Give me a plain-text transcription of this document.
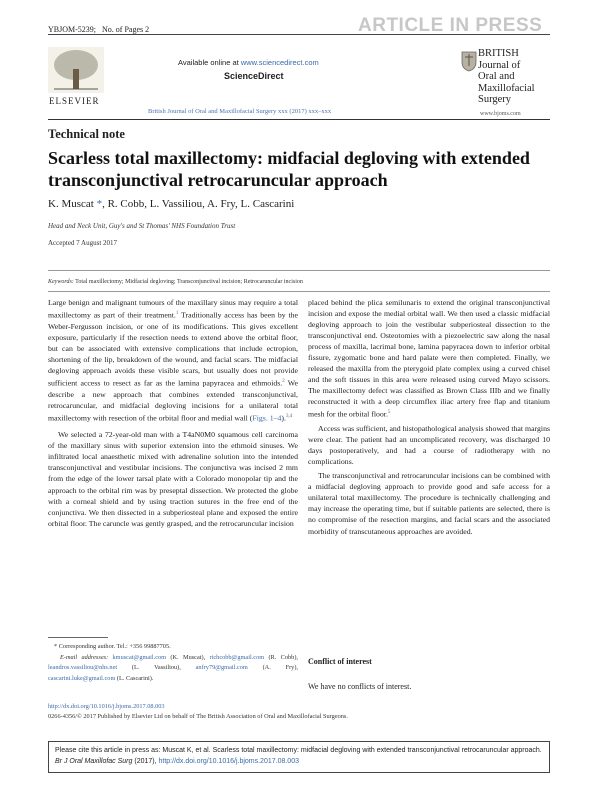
YBJOM-5239; No. of Pages 2	ARTICLE IN PRESS
ELSEVIER
Available online at www.sciencedirect.com
ScienceDirect
British Journal of Oral and Maxillofacial Surgery xxx (2017) xxx–xxx
BRITISH
Journal of
Oral and
Maxillofacial
Surgery
www.bjoms.com
Technical note
Scarless total maxillectomy: midfacial degloving with extended transconjunctival retrocaruncular approach
K. Muscat *, R. Cobb, L. Vassiliou, A. Fry, L. Cascarini
Head and Neck Unit, Guy's and St Thomas' NHS Foundation Trust
Accepted 7 August 2017
Keywords: Total maxillectomy; Midfacial degloving; Transconjunctival incision; Retrocaruncular incision

Large benign and malignant tumours of the maxillary sinus may require a total maxillectomy as part of their treatment.$^1$ Traditionally access has been by the Weber-Fergusson incision, or one of its modifications. This gives excellent exposure, particularly if the resection needs to extend above the orbital floor, but can be associated with extensive complications that include ectropion, shortening of the lip, breakdown of the wound, and facial scars. The midfacial degloving approach avoids these visible scars, but usually does not provide sufficient access to resect as far as the lamina papyracea and ethmoids.$^2$ We describe a new approach that combines extended transconjunctival, retrocaruncular, and midfacial degloving incisions for a unilateral total maxillectomy with resection of the orbital floor and medial wall (Figs. 1–4).$^{3,4}$

We selected a 72-year-old man with a T4aN0M0 squamous cell carcinoma of the maxillary sinus with superior extension into the ethmoid sinuses. We infiltrated local anaesthetic mixed with adrenaline solution into the intended transconjunctival and vestibular incisions. The conjunctiva was incised 2 mm from the edge of the lower tarsal plate with a Colorado monopolar tip and the approach to the orbital rim was by preseptal dissection. We protected the globe with a corneal shield and by using traction sutures in the free end of the conjunctiva. We then dissected in a subperiosteal plane and exposed the entire orbital floor. The caruncle was gently grasped, and the retrocaruncular incision

placed behind the plica semilunaris to extend the original transconjunctival incision and expose the medial orbital wall. We then used a classic midfacial degloving approach to join the vestibular subperiosteal dissection to the transconjunctival end. Osteotomies with a piezoelectric saw along the nasal process of maxilla, lacrimal bone, lamina papyracea down to inferior orbital fissure, zygomatic bone and hard palate were then completed. Finally, we released the maxilla from the pterygoid plate complex using a curved chisel and the soft tissues in this area were released using curved Mayo scissors. The maxillectomy defect was classified as Brown Class IIIb and we finally reconstructed it with a deep circumflex iliac artery free flap and titanium mesh for the orbital floor.$^5$

Access was sufficient, and histopathological analysis showed that margins were clear. The patient had an uncomplicated recovery, was discharged 10 days postoperatively, and had a course of radiotherapy with no complications.

The transconjunctival and retrocaruncular incisions can be combined with a midfacial degloving approach to provide good and safe access for a unilateral total maxillectomy. The procedure is technically challenging and may increase the operating time, but if suitable patients are selected, there is no compromise of the resection margins, and facial scars and the associated morbidity of transcutaneous approaches are avoided.

* Corresponding author. Tel.: +356 99887705.
E-mail addresses: kmuscat@gmail.com (K. Muscat), richcobb@gmail.com (R. Cobb), leandros.vassiliou@nhs.net (L. Vassiliou), anfry79@gmail.com (A. Fry), cascarini.luke@gmail.com (L. Cascarini).
http://dx.doi.org/10.1016/j.bjoms.2017.08.003
0266-4356/© 2017 Published by Elsevier Ltd on behalf of The British Association of Oral and Maxillofacial Surgeons.
Conflict of interest
We have no conflicts of interest.
Please cite this article in press as: Muscat K, et al. Scarless total maxillectomy: midfacial degloving with extended transconjunctival retrocaruncular approach. Br J Oral Maxillofac Surg (2017), http://dx.doi.org/10.1016/j.bjoms.2017.08.003
